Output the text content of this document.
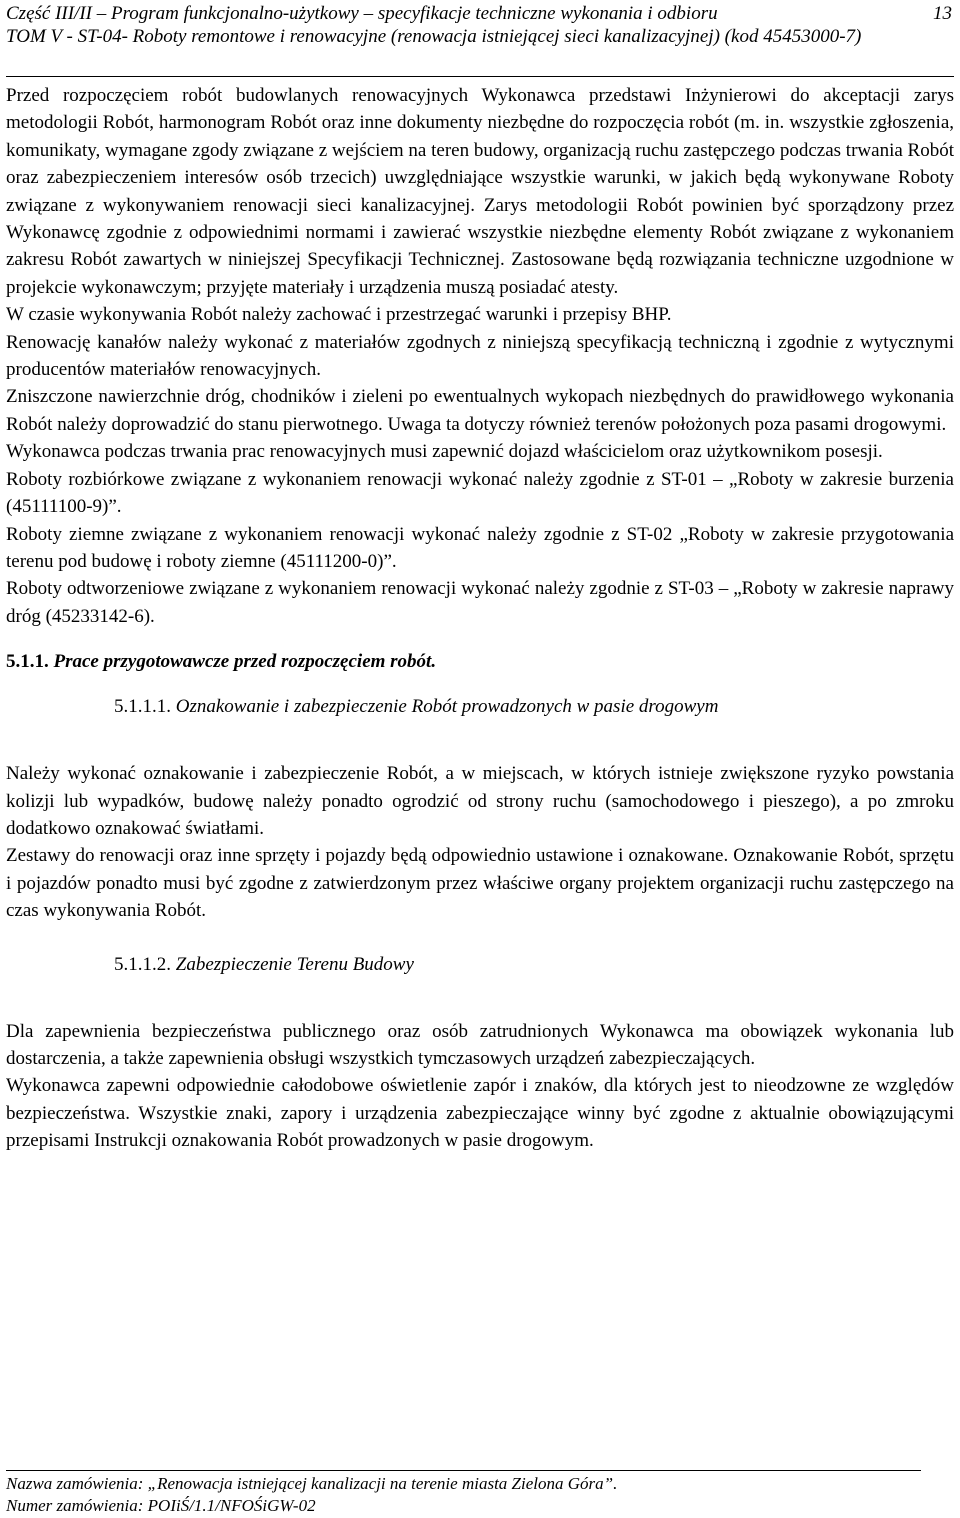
Część III/II – Program funkcjonalno-użytkowy – specyfikacje techniczne wykonania i odbioru	13
TOM V - ST-04- Roboty remontowe i renowacyjne (renowacja istniejącej sieci kanalizacyjnej) (kod 45453000-7)

Przed rozpoczęciem robót budowlanych renowacyjnych Wykonawca przedstawi Inżynierowi do akceptacji zarys metodologii Robót, harmonogram Robót oraz inne dokumenty niezbędne do rozpoczęcia robót (m. in. wszystkie zgłoszenia, komunikaty, wymagane zgody związane z wejściem na teren budowy, organizacją ruchu zastępczego podczas trwania Robót oraz zabezpieczeniem interesów osób trzecich) uwzględniające wszystkie warunki, w jakich będą wykonywane Roboty związane z wykonywaniem renowacji sieci kanalizacyjnej. Zarys metodologii Robót powinien być sporządzony przez Wykonawcę zgodnie z odpowiednimi normami i zawierać wszystkie niezbędne elementy Robót związane z wykonaniem zakresu Robót zawartych w niniejszej Specyfikacji Technicznej. Zastosowane będą rozwiązania techniczne uzgodnione w projekcie wykonawczym; przyjęte materiały i urządzenia muszą posiadać atesty.

W czasie wykonywania Robót należy zachować i przestrzegać warunki i przepisy BHP.

Renowację kanałów należy wykonać z materiałów zgodnych z niniejszą specyfikacją techniczną i zgodnie z wytycznymi producentów materiałów renowacyjnych.

Zniszczone nawierzchnie dróg, chodników i zieleni po ewentualnych wykopach niezbędnych do prawidłowego wykonania Robót należy doprowadzić do stanu pierwotnego. Uwaga ta dotyczy również terenów położonych poza pasami drogowymi.

Wykonawca podczas trwania prac renowacyjnych musi zapewnić dojazd właścicielom oraz użytkownikom posesji.

Roboty rozbiórkowe związane z wykonaniem renowacji wykonać należy zgodnie z ST-01 – „Roboty w zakresie burzenia (45111100-9)”.

Roboty ziemne związane z wykonaniem renowacji wykonać należy zgodnie z ST-02 „Roboty w zakresie przygotowania terenu pod budowę i roboty ziemne (45111200-0)”.

Roboty odtworzeniowe związane z wykonaniem renowacji wykonać należy zgodnie z ST-03 – „Roboty w zakresie naprawy dróg (45233142-6).

5.1.1. Prace przygotowawcze przed rozpoczęciem robót.
5.1.1.1. Oznakowanie i zabezpieczenie Robót prowadzonych w pasie drogowym

Należy wykonać oznakowanie i zabezpieczenie Robót, a w miejscach, w których istnieje zwiększone ryzyko powstania kolizji lub wypadków, budowę należy ponadto ogrodzić od strony ruchu (samochodowego i pieszego), a po zmroku dodatkowo oznakować światłami.

Zestawy do renowacji oraz inne sprzęty i pojazdy będą odpowiednio ustawione i oznakowane. Oznakowanie Robót, sprzętu i pojazdów ponadto musi być zgodne z zatwierdzonym przez właściwe organy projektem organizacji ruchu zastępczego na czas wykonywania Robót.

5.1.1.2. Zabezpieczenie Terenu Budowy

Dla zapewnienia bezpieczeństwa publicznego oraz osób zatrudnionych Wykonawca ma obowiązek wykonania lub dostarczenia, a także zapewnienia obsługi wszystkich tymczasowych urządzeń zabezpieczających.

Wykonawca zapewni odpowiednie całodobowe oświetlenie zapór i znaków, dla których jest to nieodzowne ze względów bezpieczeństwa. Wszystkie znaki, zapory i urządzenia zabezpieczające winny być zgodne z aktualnie obowiązującymi przepisami Instrukcji oznakowania Robót prowadzonych w pasie drogowym.

Nazwa zamówienia: „Renowacja istniejącej kanalizacji na terenie miasta Zielona Góra”.
Numer zamówienia: POIiŚ/1.1/NFOŚiGW-02
